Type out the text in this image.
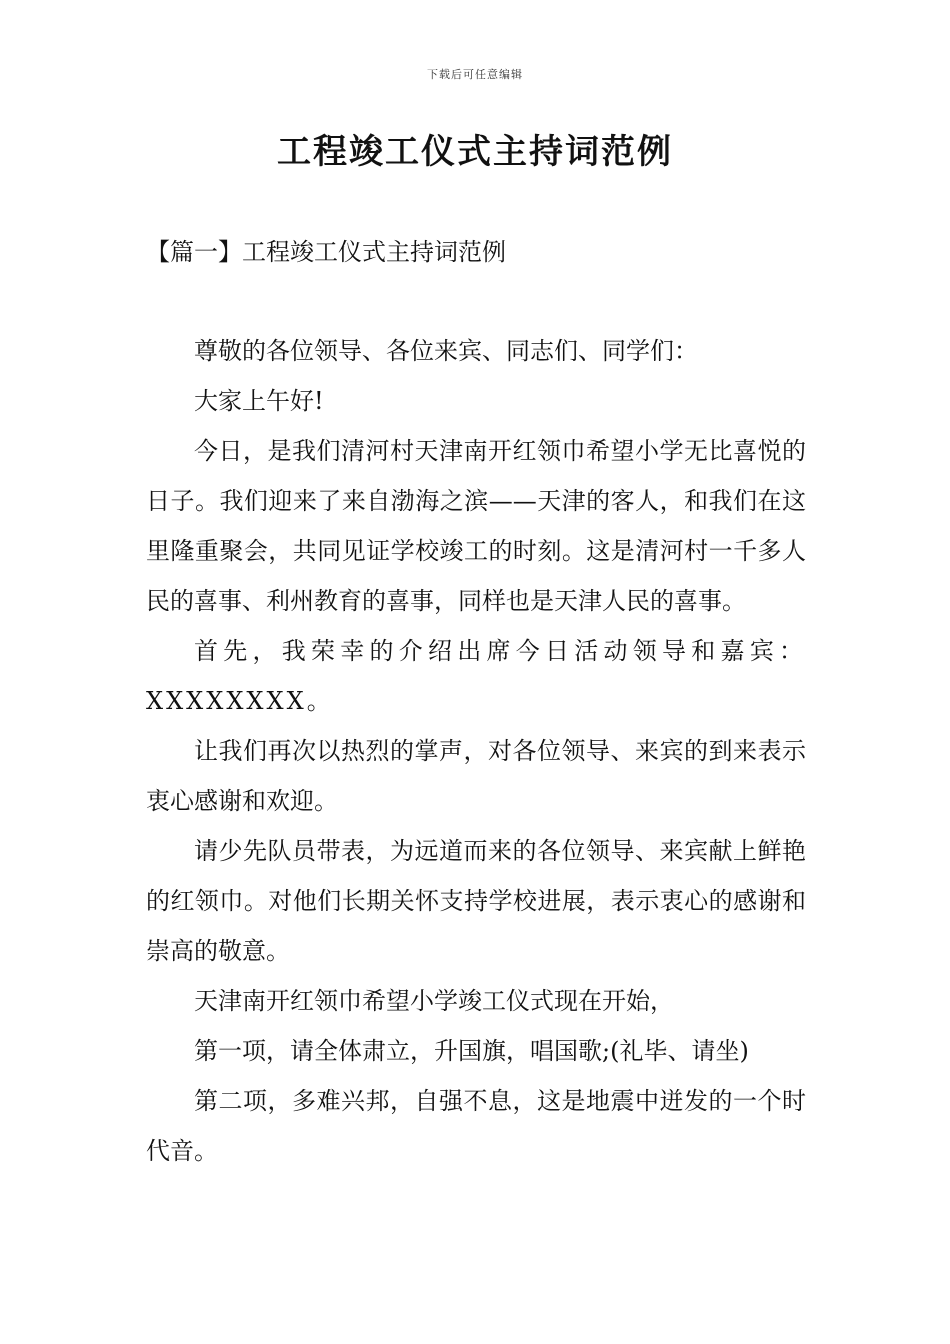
下载后可任意编辑
工程竣工仪式主持词范例
【篇一】工程竣工仪式主持词范例

尊敬的各位领导、各位来宾、同志们、同学们：

大家上午好!

今日，是我们清河村天津南开红领巾希望小学无比喜悦的日子。我们迎来了来自渤海之滨——天津的客人，和我们在这里隆重聚会，共同见证学校竣工的时刻。这是清河村一千多人民的喜事、利州教育的喜事，同样也是天津人民的喜事。

首先，我荣幸的介绍出席今日活动领导和嘉宾：XXXXXXXX。

让我们再次以热烈的掌声，对各位领导、来宾的到来表示衷心感谢和欢迎。

请少先队员带表，为远道而来的各位领导、来宾献上鲜艳的红领巾。对他们长期关怀支持学校进展，表示衷心的感谢和崇高的敬意。

天津南开红领巾希望小学竣工仪式现在开始，

第一项，请全体肃立，升国旗，唱国歌;(礼毕、请坐)

第二项，多难兴邦，自强不息，这是地震中迸发的一个时代音。
